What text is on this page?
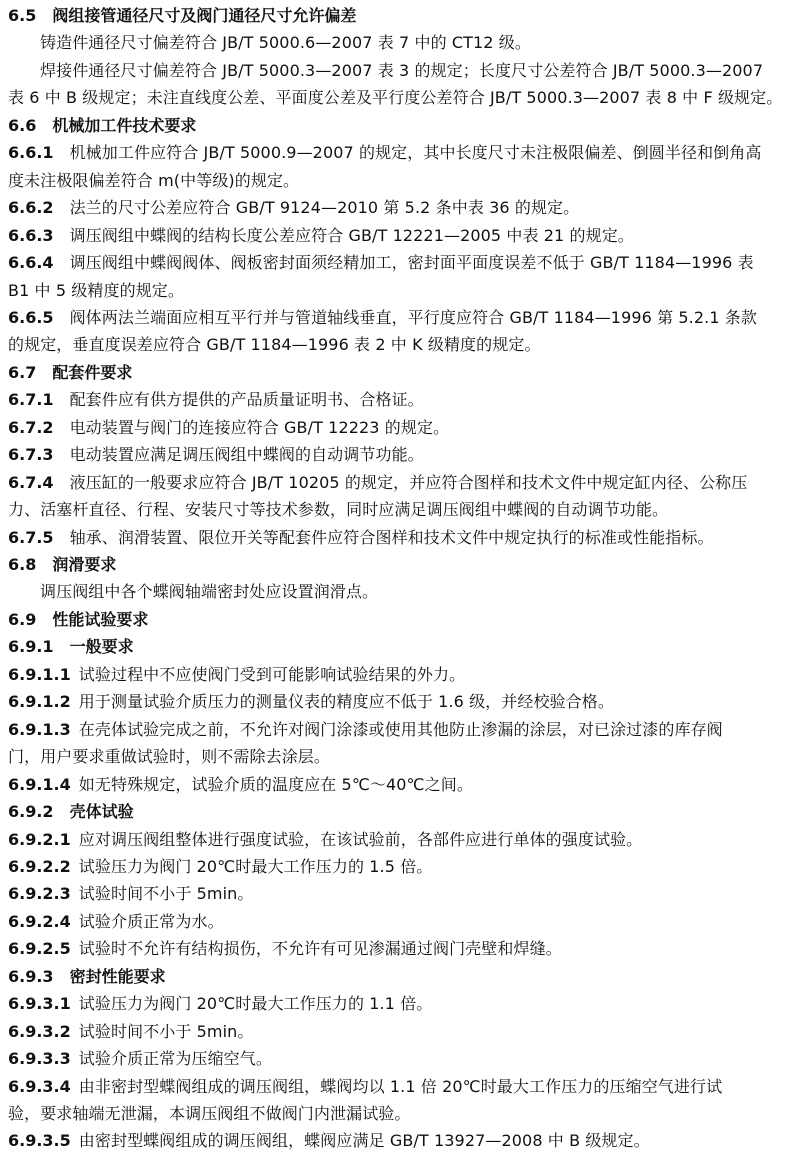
6.5   阀组接管通径尺寸及阀门通径尺寸允许偏差
铸造件通径尺寸偏差符合 JB/T 5000.6—2007 表 7 中的 CT12 级。
焊接件通径尺寸偏差符合 JB/T 5000.3—2007 表 3 的规定；长度尺寸公差符合 JB/T 5000.3—2007
表 6 中 B 级规定；未注直线度公差、平面度公差及平行度公差符合 JB/T 5000.3—2007 表 8 中 F 级规定。
6.6   机械加工件技术要求
6.6.1   机械加工件应符合 JB/T 5000.9—2007 的规定，其中长度尺寸未注极限偏差、倒圆半径和倒角高
度未注极限偏差符合 m(中等级)的规定。
6.6.2   法兰的尺寸公差应符合 GB/T 9124—2010 第 5.2 条中表 36 的规定。
6.6.3   调压阀组中蝶阀的结构长度公差应符合 GB/T 12221—2005 中表 21 的规定。
6.6.4   调压阀组中蝶阀阀体、阀板密封面须经精加工，密封面平面度误差不低于 GB/T 1184—1996 表
B1 中 5 级精度的规定。
6.6.5   阀体两法兰端面应相互平行并与管道轴线垂直，平行度应符合 GB/T 1184—1996 第 5.2.1 条款
的规定，垂直度误差应符合 GB/T 1184—1996 表 2 中 K 级精度的规定。
6.7   配套件要求
6.7.1   配套件应有供方提供的产品质量证明书、合格证。
6.7.2   电动装置与阀门的连接应符合 GB/T 12223 的规定。
6.7.3   电动装置应满足调压阀组中蝶阀的自动调节功能。
6.7.4   液压缸的一般要求应符合 JB/T 10205 的规定，并应符合图样和技术文件中规定缸内径、公称压
力、活塞杆直径、行程、安装尺寸等技术参数，同时应满足调压阀组中蝶阀的自动调节功能。
6.7.5   轴承、润滑装置、限位开关等配套件应符合图样和技术文件中规定执行的标准或性能指标。
6.8   润滑要求
调压阀组中各个蝶阀轴端密封处应设置润滑点。
6.9   性能试验要求
6.9.1   一般要求
6.9.1.1  试验过程中不应使阀门受到可能影响试验结果的外力。
6.9.1.2  用于测量试验介质压力的测量仪表的精度应不低于 1.6 级，并经校验合格。
6.9.1.3  在壳体试验完成之前，不允许对阀门涂漆或使用其他防止渗漏的涂层，对已涂过漆的库存阀
门，用户要求重做试验时，则不需除去涂层。
6.9.1.4  如无特殊规定，试验介质的温度应在 5℃～40℃之间。
6.9.2   壳体试验
6.9.2.1  应对调压阀组整体进行强度试验，在该试验前，各部件应进行单体的强度试验。
6.9.2.2  试验压力为阀门 20℃时最大工作压力的 1.5 倍。
6.9.2.3  试验时间不小于 5min。
6.9.2.4  试验介质正常为水。
6.9.2.5  试验时不允许有结构损伤，不允许有可见渗漏通过阀门壳壁和焊缝。
6.9.3   密封性能要求
6.9.3.1  试验压力为阀门 20℃时最大工作压力的 1.1 倍。
6.9.3.2  试验时间不小于 5min。
6.9.3.3  试验介质正常为压缩空气。
6.9.3.4  由非密封型蝶阀组成的调压阀组，蝶阀均以 1.1 倍 20℃时最大工作压力的压缩空气进行试
验，要求轴端无泄漏，本调压阀组不做阀门内泄漏试验。
6.9.3.5  由密封型蝶阀组成的调压阀组，蝶阀应满足 GB/T 13927—2008 中 B 级规定。
